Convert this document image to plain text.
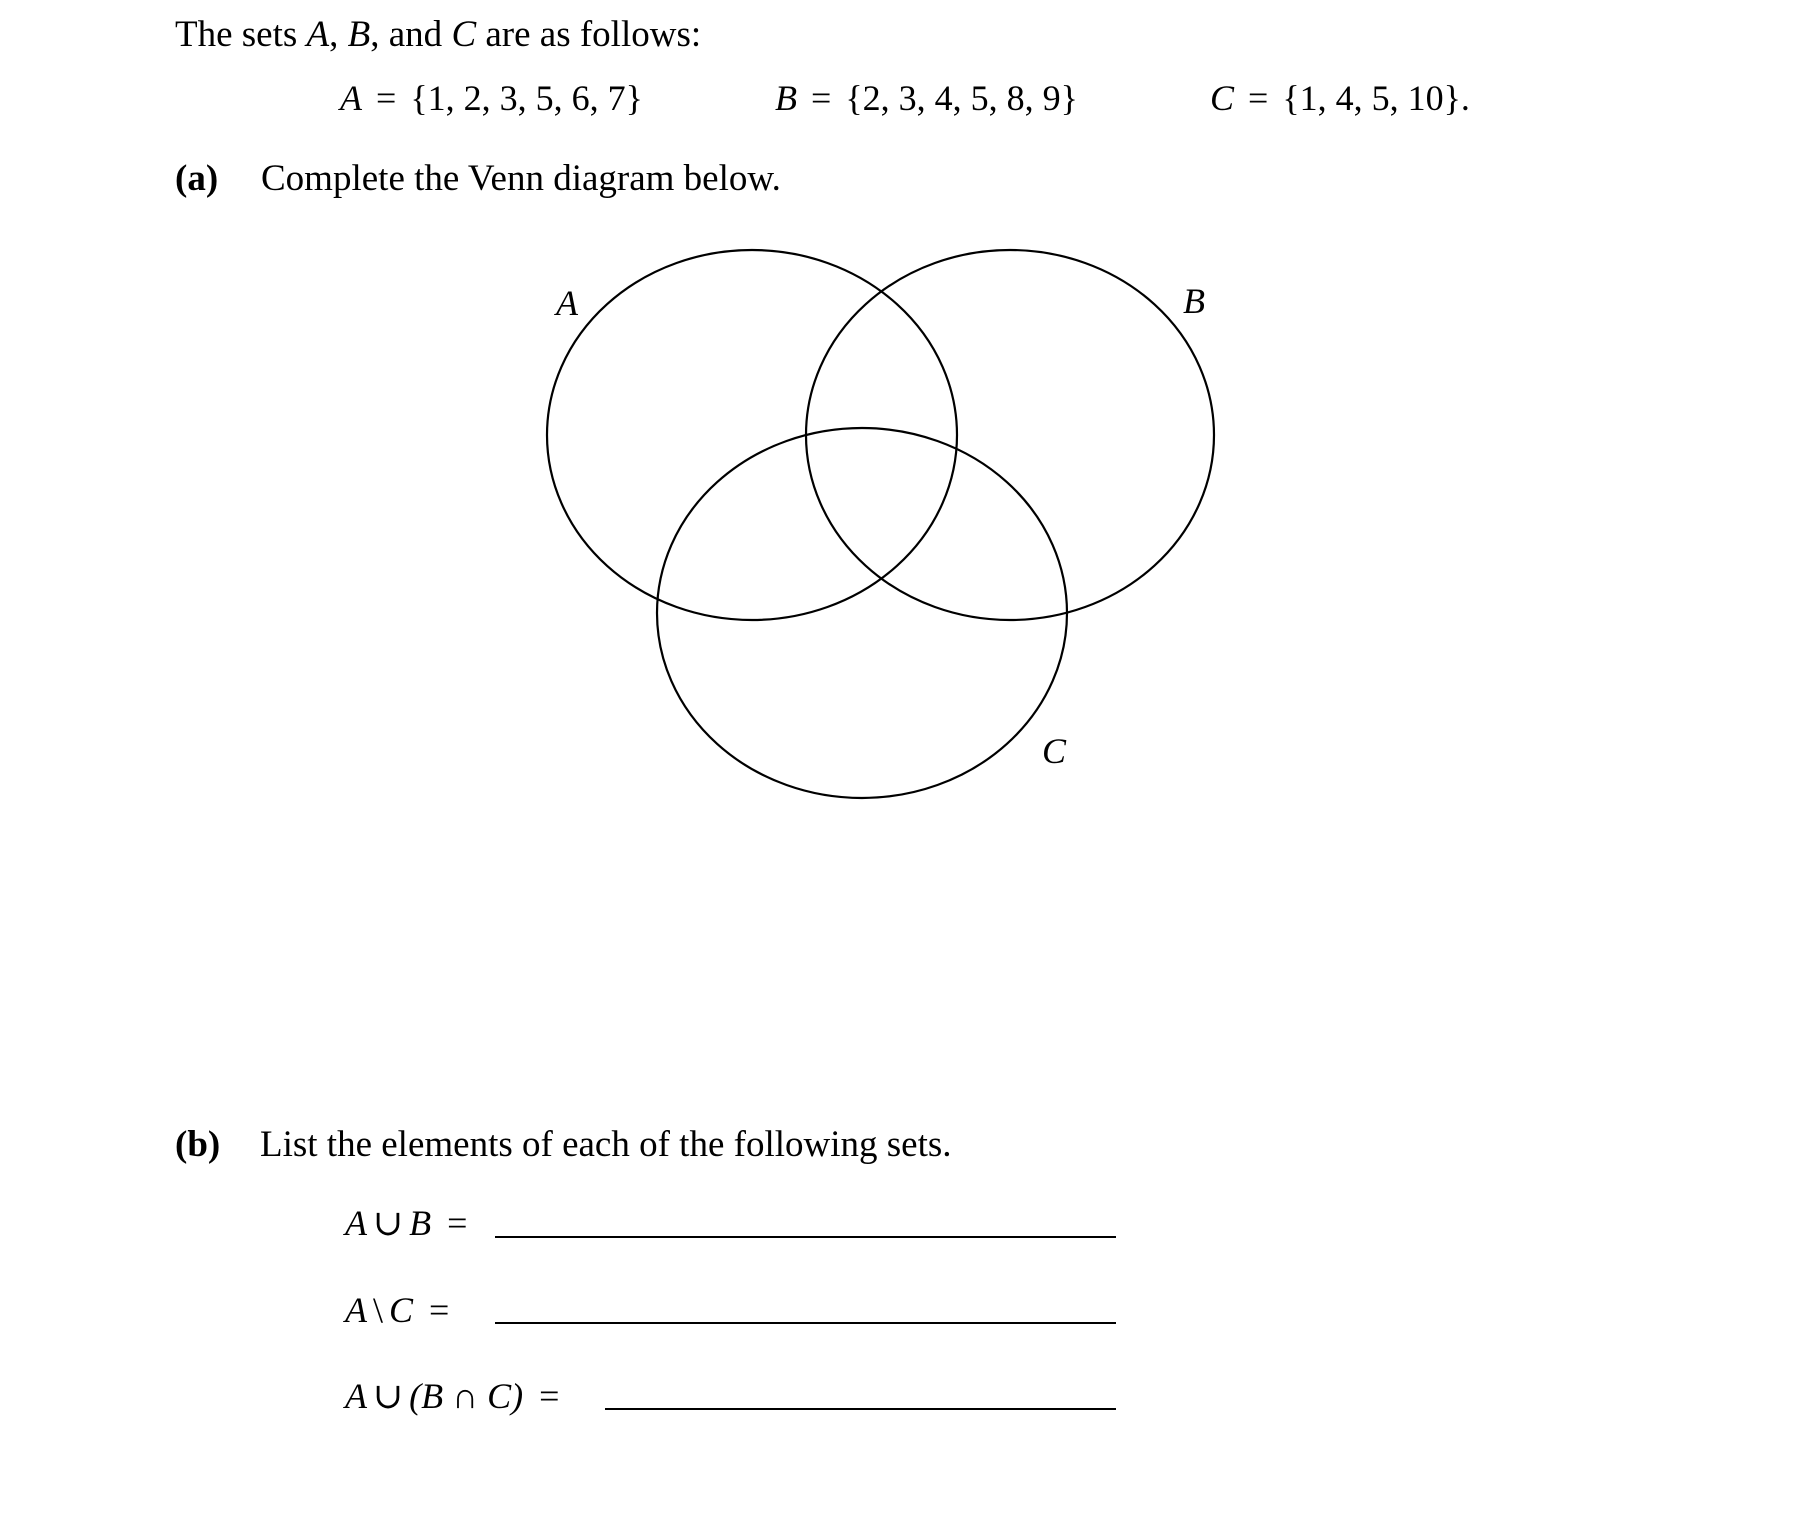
The sets A, B, and C are as follows:
A = {1, 2, 3, 5, 6, 7}	B = {2, 3, 4, 5, 8, 9}	C = {1, 4, 5, 10}.
(a) Complete the Venn diagram below.
A	B
C
(b) List the elements of each of the following sets.
A ∪ B =
A \ C =
A ∪ (B ∩ C) =
